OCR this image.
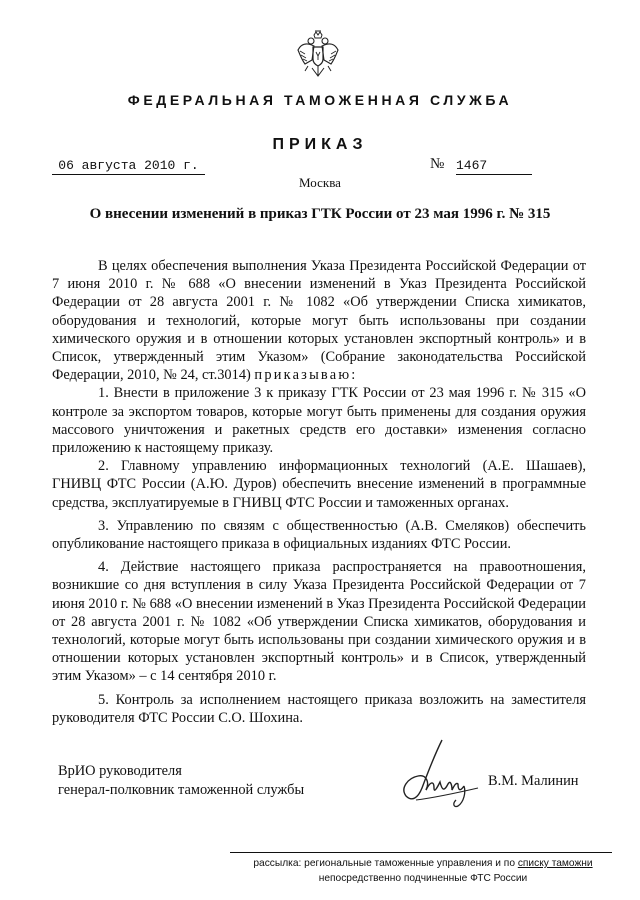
ФЕДЕРАЛЬНАЯ ТАМОЖЕННАЯ СЛУЖБА
ПРИКАЗ
06 августа 2010 г.	№ 1467
Москва
О внесении изменений в приказ ГТК России от 23 мая 1996 г. № 315

В целях обеспечения выполнения Указа Президента Российской Федерации от 7 июня 2010 г. № 688 «О внесении изменений в Указ Президента Российской Федерации от 28 августа 2001 г. № 1082 «Об утверждении Списка химикатов, оборудования и технологий, которые могут быть использованы при создании химического оружия и в отношении которых установлен экспортный контроль» и в Список, утвержденный этим Указом» (Собрание законодательства Российской Федерации, 2010, № 24, ст.3014) приказываю:

1. Внести в приложение 3 к приказу ГТК России от 23 мая 1996 г. № 315 «О контроле за экспортом товаров, которые могут быть применены для создания оружия массового уничтожения и ракетных средств его доставки» изменения согласно приложению к настоящему приказу.

2. Главному управлению информационных технологий (А.Е. Шашаев), ГНИВЦ ФТС России (А.Ю. Дуров) обеспечить внесение изменений в программные средства, эксплуатируемые в ГНИВЦ ФТС России и таможенных органах.

3. Управлению по связям с общественностью (А.В. Смеляков) обеспечить опубликование настоящего приказа в официальных изданиях ФТС России.

4. Действие настоящего приказа распространяется на правоотношения, возникшие со дня вступления в силу Указа Президента Российской Федерации от 7 июня 2010 г. № 688 «О внесении изменений в Указ Президента Российской Федерации от 28 августа 2001 г. № 1082 «Об утверждении Списка химикатов, оборудования и технологий, которые могут быть использованы при создании химического оружия и в отношении которых установлен экспортный контроль» и в Список, утвержденный этим Указом» – с 14 сентября 2010 г.

5. Контроль за исполнением настоящего приказа возложить на заместителя руководителя ФТС России С.О. Шохина.

ВрИО руководителя
генерал-полковник таможенной службы
В.М. Малинин
рассылка: региональные таможенные управления и по списку таможни
непосредственно подчиненные ФТС России
